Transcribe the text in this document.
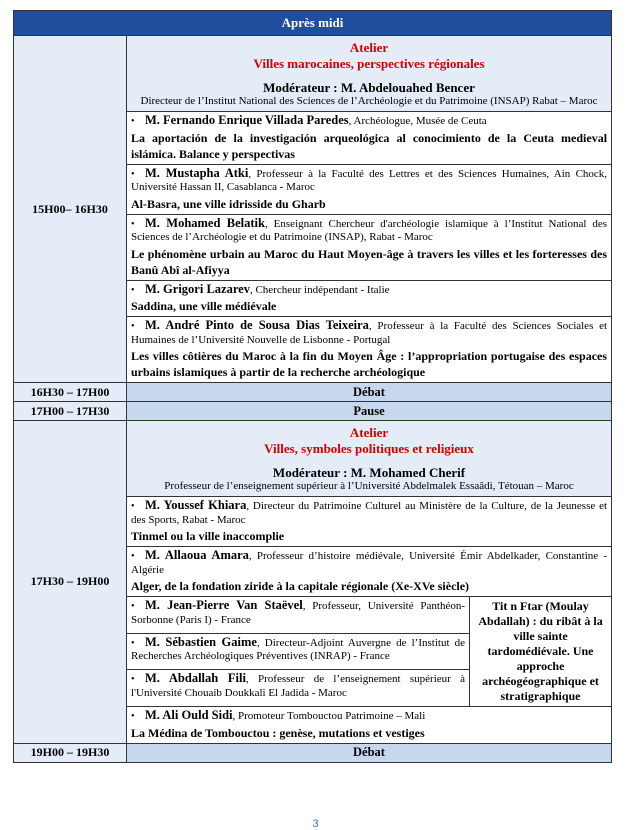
Après midi		
15H00– 16H30	Atelier
Villes marocaines, perspectives régionales
Modérateur : M. Abdelouahed Bencer
Directeur de l’Institut National des Sciences de l’Archéologie et du Patrimoine (INSAP) Rabat – Maroc	

	• M. Fernando Enrique Villada Paredes, Archéologue, Musée de Ceuta
La aportación de la investigación arqueológica al conocimiento de la Ceuta medieval islámica. Balance y perspectivas	

	• M. Mustapha Atki, Professeur à la Faculté des Lettres et des Sciences Humaines, Ain Chock, Université Hassan II, Casablanca - Maroc
Al-Basra, une ville idrisside du Gharb	

	• M. Mohamed Belatik, Enseignant Chercheur d'archéologie islamique à l’Institut National des Sciences de l’Archéologie et du Patrimoine (INSAP), Rabat - Maroc
Le phénomène urbain au Maroc du Haut Moyen-âge à travers les villes et les forteresses des Banû Abî al-Afiyya	

	• M. Grigori Lazarev, Chercheur indépendant - Italie
Saddina, une ville médiévale	

	• M. André Pinto de Sousa Dias Teixeira, Professeur à la Faculté des Sciences Sociales et Humaines de l’Université Nouvelle de Lisbonne - Portugal
Les villes côtières du Maroc à la fin du Moyen Âge : l’appropriation portugaise des espaces urbains islamiques à partir de la recherche archéologique	

16H30 – 17H00	Débat	
17H00 – 17H30	Pause	
17H30 – 19H00	Atelier
Villes, symboles politiques et religieux
Modérateur : M. Mohamed Cherif
Professeur de l’enseignement supérieur à l’Université Abdelmalek Essaâdi, Tétouan – Maroc	

	• M. Youssef Khiara, Directeur du Patrimoine Culturel au Ministère de la Culture, de la Jeunesse et des Sports, Rabat - Maroc
Tinmel ou la ville inaccomplie	

	• M. Allaoua Amara, Professeur d’histoire médiévale, Université Émir Abdelkader, Constantine - Algérie
Alger, de la fondation ziride à la capitale régionale (Xe-XVe siècle)	

	• M. Jean-Pierre Van Staëvel, Professeur, Université Panthéon-Sorbonne (Paris I) - France	Tit n Ftar (Moulay Abdallah) : du ribât à la ville sainte tardomédiévale. Une approche archéogéographique et stratigraphique
	• M. Sébastien Gaime, Directeur-Adjoint Auvergne de l’Institut de Recherches Archéologiques Préventives (INRAP) - France	
	• M. Abdallah Fili, Professeur de l’enseignement supérieur à l'Université Chouaib Doukkali El Jadida - Maroc	
	• M. Ali Ould Sidi, Promoteur Tombouctou Patrimoine – Mali
La Médina de Tombouctou : genèse, mutations et vestiges	

19H00 – 19H30	Débat	
3
